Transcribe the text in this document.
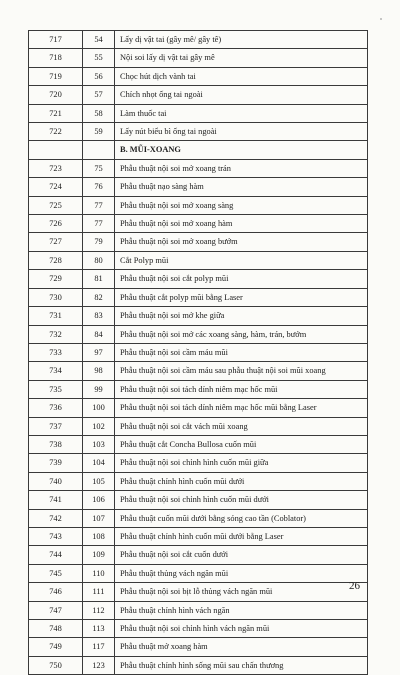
717	54	Lấy dị vật tai (gây mê/ gây tê)
718	55	Nội soi lấy dị vật tai gây mê
719	56	Chọc hút dịch vành tai
720	57	Chích nhọt ống tai ngoài
721	58	Làm thuốc tai
722	59	Lấy nút biểu bì ống tai ngoài
		B. MŨI-XOANG
723	75	Phẫu thuật nội soi mở xoang trán
724	76	Phẫu thuật nạo sàng hàm
725	77	Phẫu thuật nội soi mở xoang sàng
726	77	Phẫu thuật nội soi mở xoang hàm
727	79	Phẫu thuật nội soi mở xoang bướm
728	80	Cắt Polyp mũi
729	81	Phẫu thuật nội soi cắt polyp mũi
730	82	Phẫu thuật cắt polyp mũi bằng Laser
731	83	Phẫu thuật nội soi mở khe giữa
732	84	Phẫu thuật nội soi mở các xoang sàng, hàm, trán, bướm
733	97	Phẫu thuật nội soi cầm máu mũi
734	98	Phẫu thuật nội soi cầm máu sau phẫu thuật nội soi mũi xoang
735	99	Phẫu thuật nội soi tách dính niêm mạc hốc mũi
736	100	Phẫu thuật nội soi tách dính niêm mạc hốc mũi bằng Laser
737	102	Phẫu thuật nội soi cắt vách mũi xoang
738	103	Phẫu thuật cắt Concha Bullosa cuốn mũi
739	104	Phẫu thuật nội soi chỉnh hình cuốn mũi giữa
740	105	Phẫu thuật chỉnh hình cuốn mũi dưới
741	106	Phẫu thuật nội soi chỉnh hình cuốn mũi dưới
742	107	Phẫu thuật cuốn mũi dưới bằng sóng cao tần (Coblator)
743	108	Phẫu thuật chỉnh hình cuốn mũi dưới bằng Laser
744	109	Phẫu thuật nội soi cắt cuốn dưới
745	110	Phẫu thuật thủng vách ngăn mũi
746	111	Phẫu thuật nội soi bịt lỗ thủng vách ngăn mũi
747	112	Phẫu thuật chỉnh hình vách ngăn
748	113	Phẫu thuật nội soi chỉnh hình vách ngăn mũi
749	117	Phẫu thuật mở xoang hàm
750	123	Phẫu thuật chỉnh hình sống mũi sau chấn thương
26
